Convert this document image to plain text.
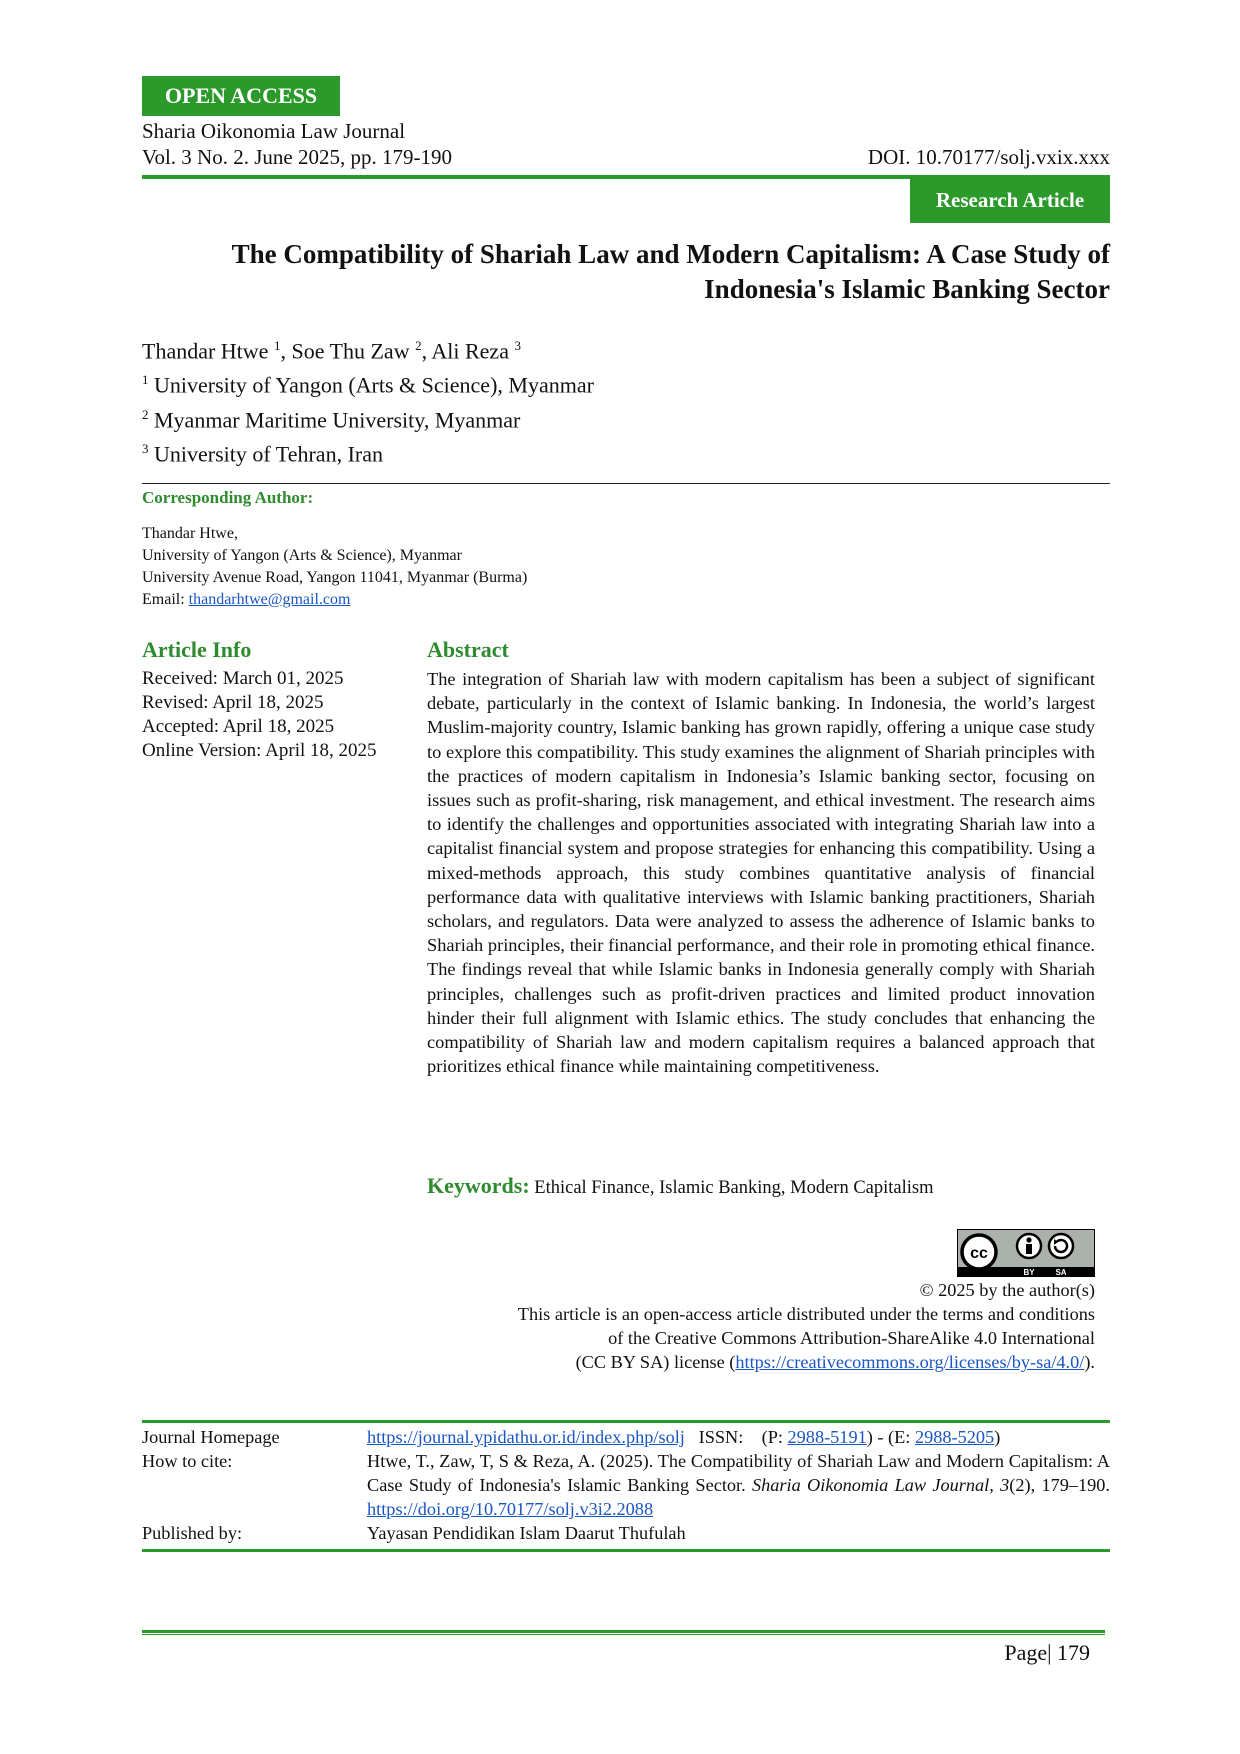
OPEN ACCESS
Sharia Oikonomia Law Journal
Vol. 3 No. 2. June 2025, pp. 179-190	DOI. 10.70177/solj.vxix.xxx
Research Article
The Compatibility of Shariah Law and Modern Capitalism: A Case Study of
Indonesia's Islamic Banking Sector
Thandar Htwe $^1$, Soe Thu Zaw $^2$, Ali Reza $^3$
$^1$ University of Yangon (Arts & Science), Myanmar
$^2$ Myanmar Maritime University, Myanmar
$^3$ University of Tehran, Iran
Corresponding Author:
Thandar Htwe,
University of Yangon (Arts & Science), Myanmar
University Avenue Road, Yangon 11041, Myanmar (Burma)
Email: thandarhtwe@gmail.com
Article Info
Received: March 01, 2025
Revised: April 18, 2025
Accepted: April 18, 2025
Online Version: April 18, 2025
Abstract
The integration of Shariah law with modern capitalism has been a subject of significant debate, particularly in the context of Islamic banking. In Indonesia, the world’s largest Muslim-majority country, Islamic banking has grown rapidly, offering a unique case study to explore this compatibility. This study examines the alignment of Shariah principles with the practices of modern capitalism in Indonesia’s Islamic banking sector, focusing on issues such as profit-sharing, risk management, and ethical investment. The research aims to identify the challenges and opportunities associated with integrating Shariah law into a capitalist financial system and propose strategies for enhancing this compatibility. Using a mixed-methods approach, this study combines quantitative analysis of financial performance data with qualitative interviews with Islamic banking practitioners, Shariah scholars, and regulators. Data were analyzed to assess the adherence of Islamic banks to Shariah principles, their financial performance, and their role in promoting ethical finance. The findings reveal that while Islamic banks in Indonesia generally comply with Shariah principles, challenges such as profit-driven practices and limited product innovation hinder their full alignment with Islamic ethics. The study concludes that enhancing the compatibility of Shariah law and modern capitalism requires a balanced approach that prioritizes ethical finance while maintaining competitiveness.
Keywords: Ethical Finance, Islamic Banking, Modern Capitalism
cc
BY	SA
© 2025 by the author(s)
This article is an open-access article distributed under the terms and conditions
of the Creative Commons Attribution-ShareAlike 4.0 International
(CC BY SA) license (https://creativecommons.org/licenses/by-sa/4.0/).
Journal Homepage	https://journal.ypidathu.or.id/index.php/solj ISSN: (P: 2988-5191) - (E: 2988-5205)
How to cite:	Htwe, T., Zaw, T, S & Reza, A. (2025). The Compatibility of Shariah Law and Modern Capitalism: A Case Study of Indonesia's Islamic Banking Sector. Sharia Oikonomia Law Journal, 3(2), 179–190. https://doi.org/10.70177/solj.v3i2.2088
Published by:	Yayasan Pendidikan Islam Daarut Thufulah
Page| 179
